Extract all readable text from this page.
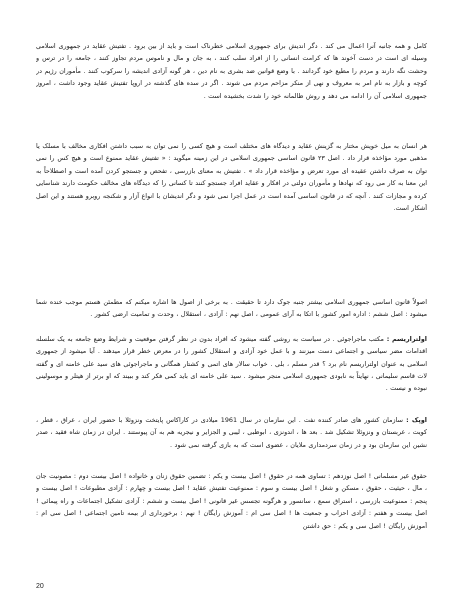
کامل و همه جانبه آنرا اعمال می کند . دگر اندیش برای جمهوری اسلامی خطرناک است و باید از بین برود . تفتیش عقاید در جمهوری اسلامی وسیله ای است در دست آخوند ها که کرامت انسانی را از افراد سلب کنند ، به جان و مال و ناموس مردم تجاوز کنند ، جامعه را در ترس و وحشت نگه دارند و مردم را مطیع خود گردانند . با وضع قوانین ضد بشری به نام دین ، هر گونه آزادی اندیشه را سرکوب کنند . مأموران رژیم در کوچه و بازار به نام امر به معروف و نهی از منکر مزاحم مردم می شوند . اگر در سده های گذشته در اروپا تفتیش عقاید وجود داشت ، امروز جمهوری اسلامی آن را ادامه می دهد و روش ظالمانه خود را شدت بخشیده است .

هر انسان به میل خویش مختار به گزینش عقاید و دیدگاه های مختلف است و هیچ کسی را نمی توان به سبب داشتن افکاری مخالف با مسلک یا مذهبی مورد مؤاخذه قرار داد . اصل ۲۳ قانون اساسی جمهوری اسلامی در این زمینه میگوید : « تفتیش عقاید ممنوع است و هیچ کس را نمی توان به صرف داشتن عقیده ای مورد تعرض و مؤاخذه قرار داد » . تفتیش به معنای بازرسی ، تفحص و جستجو کردن آمده است و اصطلاحاً به این معنا به کار می رود که نهادها و مأموران دولتی در افکار و عقاید افراد جستجو کنند تا کسانی را که دیدگاه های مخالف حکومت دارند شناسایی کرده و مجازات کنند . آنچه که در قانون اساسی آمده است در عمل اجرا نمی شود و دگر اندیشان با انواع آزار و شکنجه روبرو هستند و این اصل آشکار است.

اصولاً قانون اساسی جمهوری اسلامی بیشتر جنبه جوک دارد تا حقیقت . به برخی از اصول ها اشاره میکنم که مطمئن هستم موجب خنده شما میشود : اصل ششم : اداره امور کشور با اتکا به آرای عمومی ، اصل نهم : آزادی ، استقلال ، وحدت و تمامیت ارضی کشور .

اولتراریسم : مکتب ماجراجوئی . در سیاست به روشی گفته میشود که افراد بدون در نظر گرفتن موقعیت و شرایط وضع جامعه به یک سلسله اقدامات مضر سیاسی و اجتماعی دست میزنند و با عمل خود آزادی و استقلال کشور را در معرض خطر قرار میدهند . آیا میشود از جمهوری اسلامی به عنوان اولتراریسم نام برد ؟ قدر مسلم ، بلی . خواب سالار های اتمی و کشتار همگانی و ماجراجوئی های سید علی خامنه ای و گفته لات قاسم سلیمانی ، نهایتاً به نابودی جمهوری اسلامی منجر میشود . سید علی خامنه ای باید کمی فکر کند و ببیند که او برتر از هیتلر و موسولینی نبوده و نیست .

اوپک : سازمان کشور های صادر کننده نفت . این سازمان در سال 1961 میلادی در کاراکاس پایتخت ونزوئلا با حضور ایران ، عراق ، قطر ، کویت ، عربستان و ونزوئلا تشکیل شد . بعد ها ، اندونزی ، ابوظبی ، لیبی و الجزایر و نیجریه هم به آن پیوستند . ایران در زمان شاه فقید ، صدر نشین این سازمان بود و در زمان سردمداری ملایان ، عضوی است که به بازی گرفته نمی شود .

حقوق غیر مسلمانی ! اصل نوزدهم : تساوی همه در حقوق ! اصل بیست و یکم : تضمین حقوق زنان و خانواده ! اصل بیست دوم : مصونیت جان ، مال ، حیثیت ، حقوق ، مسکن و شغل ! اصل بیست و سوم : ممنوعیت تفتیش عقاید ! اصل بیست و چهارم : آزادی مطبوعات ! اصل بیست و پنجم : ممنوعیت بازرسی ، استراق سمع ، سانسور و هرگونه تجسس غیر قانونی ! اصل بیست و ششم : آزادی تشکیل اجتماعات و راه پیمائی ! اصل بیست و هفتم : آزادی احزاب و جمعیت ها ! اصل سی ام : آموزش رایگان ! نهم : برخورداری از بیمه تامین اجتماعی ! اصل سی ام : آموزش رایگان ! اصل سی و یکم : حق داشتن

20
